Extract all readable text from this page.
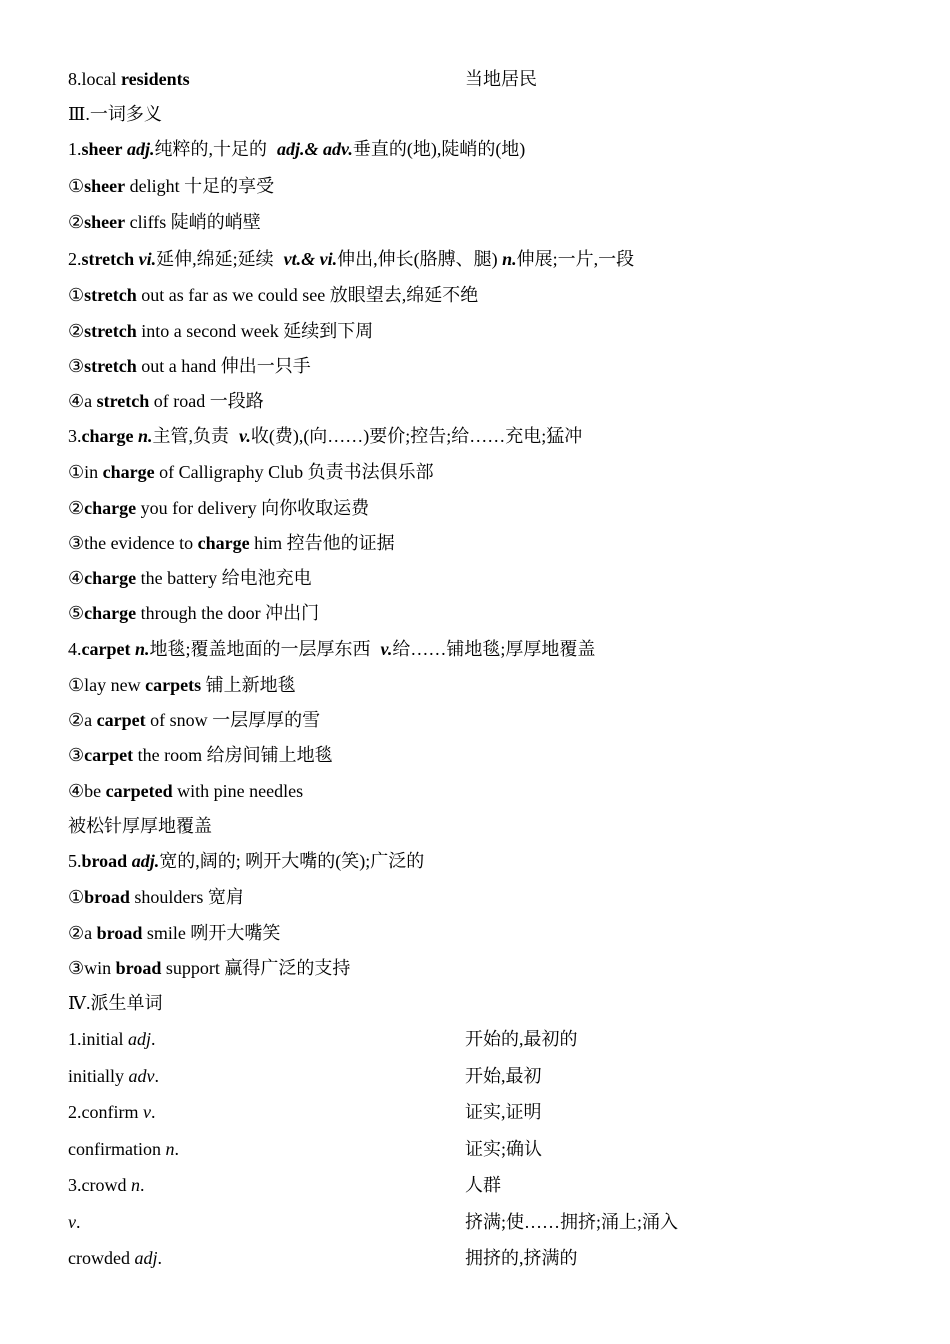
8.local residents	当地居民
Ⅲ.一词多义
1.sheer adj.纯粹的,十足的 adj.& adv.垂直的(地),陡峭的(地)
①sheer delight 十足的享受
②sheer cliffs 陡峭的峭壁
2.stretch vi.延伸,绵延;延续 vt.& vi.伸出,伸长(胳膊、腿) n.伸展;一片,一段
①stretch out as far as we could see 放眼望去,绵延不绝
②stretch into a second week 延续到下周
③stretch out a hand 伸出一只手
④a stretch of road 一段路
3.charge n.主管,负责 v.收(费),(向……)要价;控告;给……充电;猛冲
①in charge of Calligraphy Club 负责书法俱乐部
②charge you for delivery 向你收取运费
③the evidence to charge him 控告他的证据
④charge the battery 给电池充电
⑤charge through the door 冲出门
4.carpet n.地毯;覆盖地面的一层厚东西 v.给……铺地毯;厚厚地覆盖
①lay new carpets 铺上新地毯
②a carpet of snow 一层厚厚的雪
③carpet the room 给房间铺上地毯
④be carpeted with pine needles
被松针厚厚地覆盖
5.broad adj.宽的,阔的; 咧开大嘴的(笑);广泛的
①broad shoulders 宽肩
②a broad smile 咧开大嘴笑
③win broad support 赢得广泛的支持
Ⅳ.派生单词
1.initial adj.	开始的,最初的
initially adv.	开始,最初
2.confirm v.	证实,证明
confirmation n.	证实;确认
3.crowd n.	人群
v.	挤满;使……拥挤;涌上;涌入
crowded adj.	拥挤的,挤满的
